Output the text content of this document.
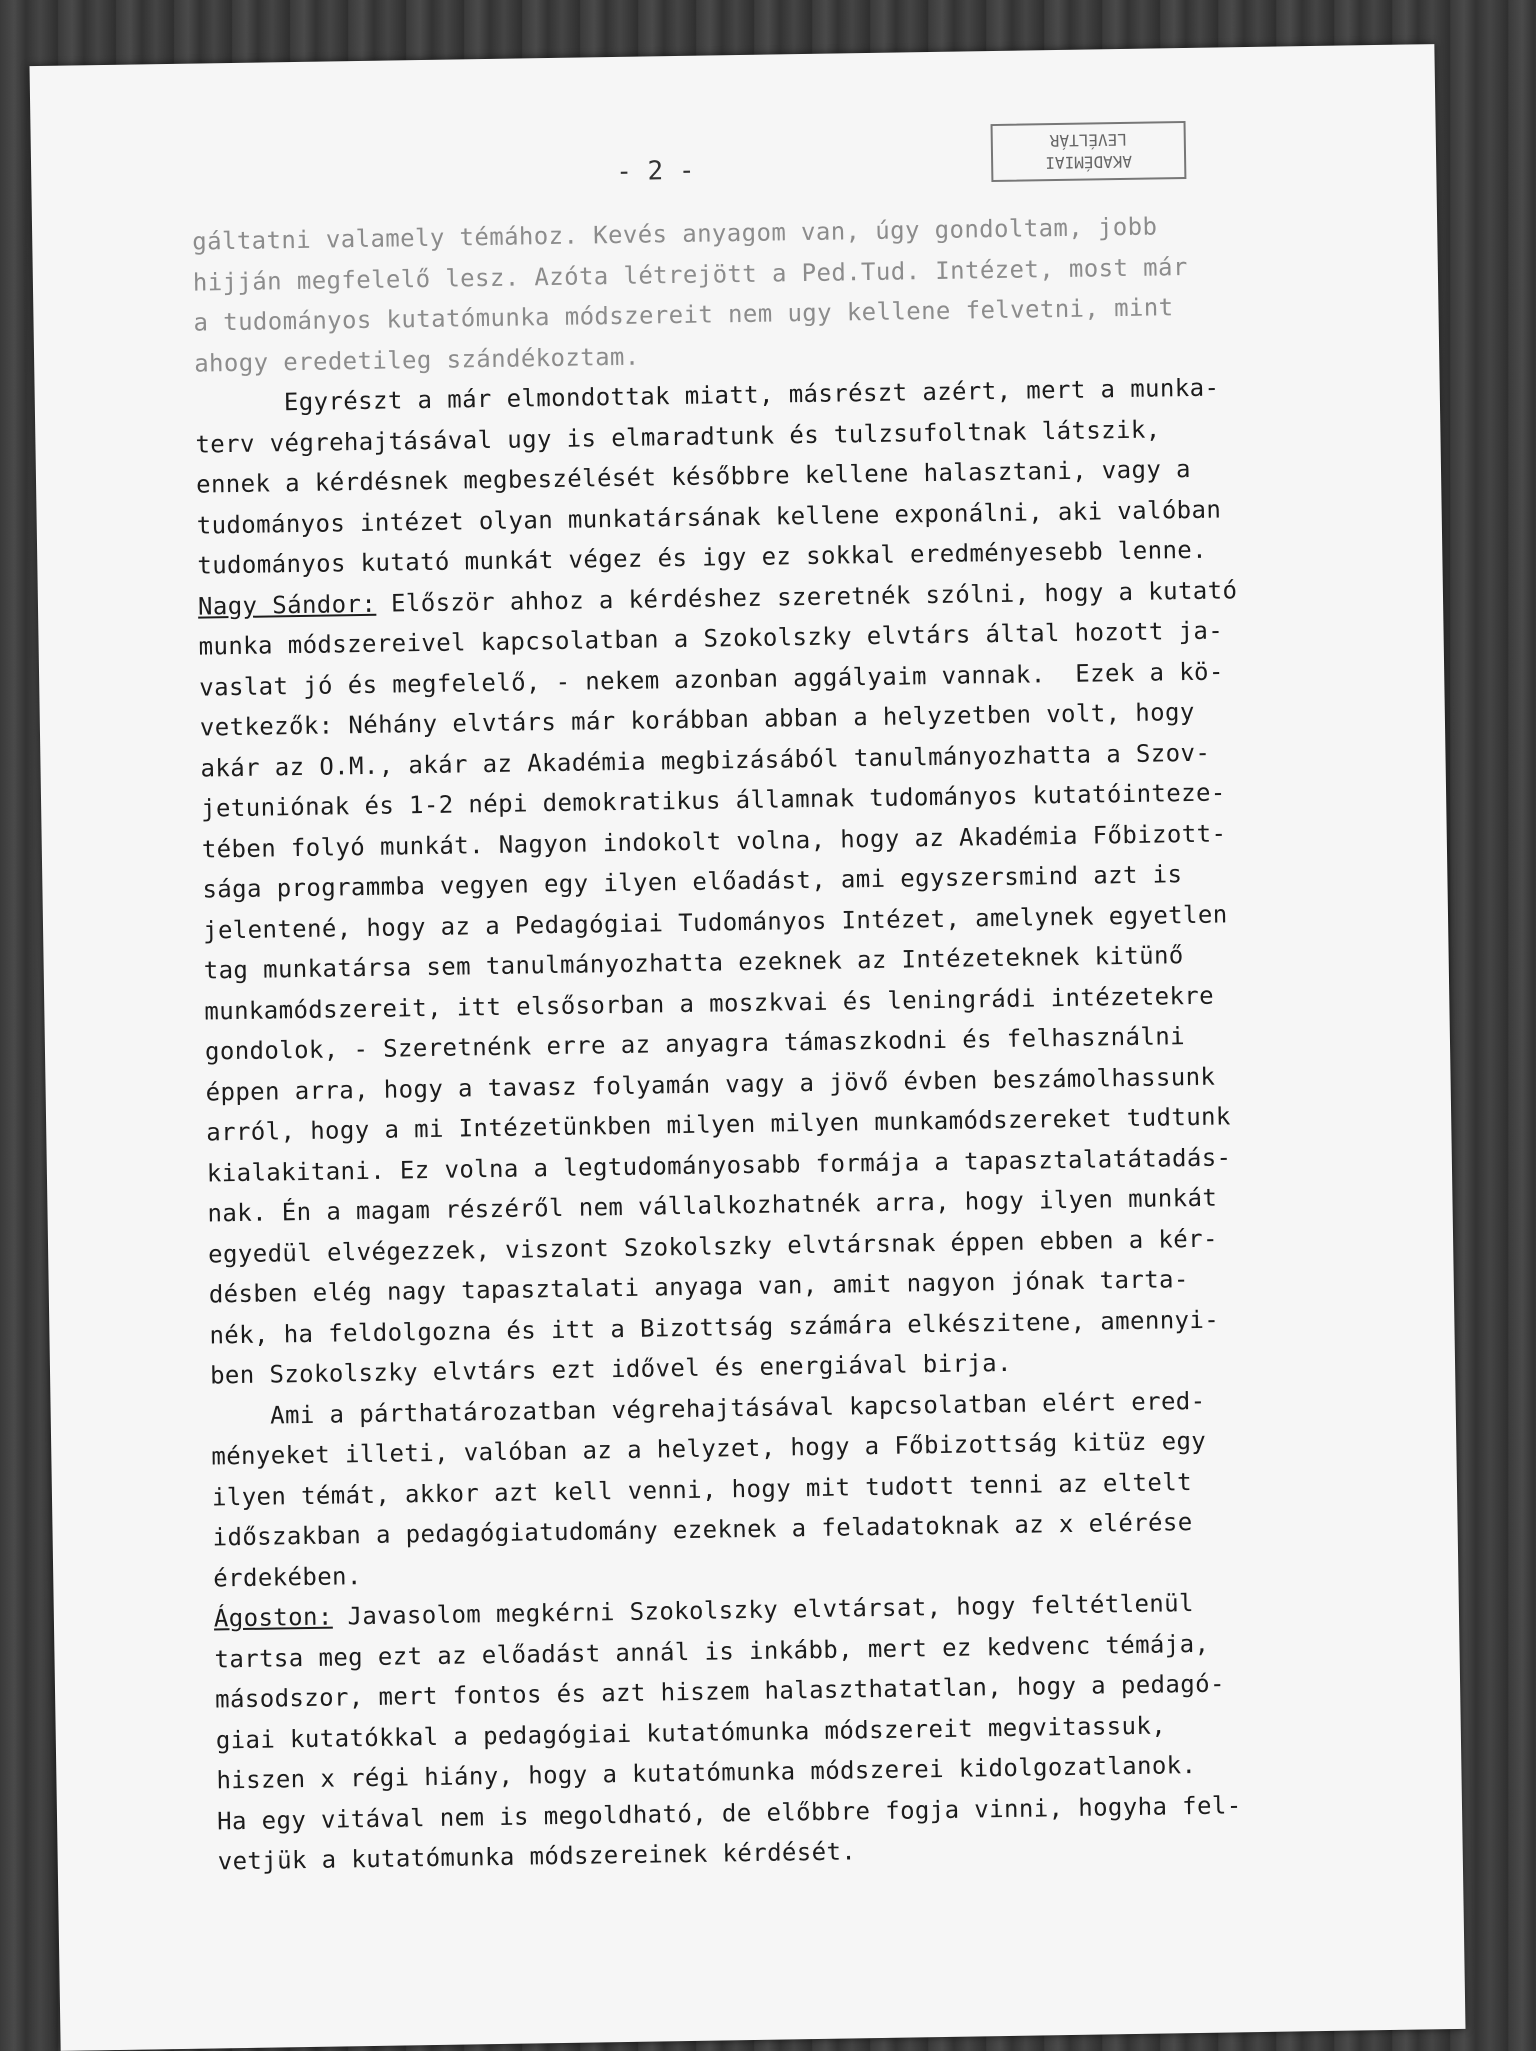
AKADÉMIAI
LEVÉLTÁR
- 2 -
gáltatni valamely témához. Kevés anyagom van, úgy gondoltam, jobb
hijján megfelelő lesz. Azóta létrejött a Ped.Tud. Intézet, most már
a tudományos kutatómunka módszereit nem ugy kellene felvetni, mint
ahogy eredetileg szándékoztam.
Egyrészt a már elmondottak miatt, másrészt azért, mert a munka-
terv végrehajtásával ugy is elmaradtunk és tulzsufoltnak látszik,
ennek a kérdésnek megbeszélését későbbre kellene halasztani, vagy a
tudományos intézet olyan munkatársának kellene exponálni, aki valóban
tudományos kutató munkát végez és igy ez sokkal eredményesebb lenne.
Nagy Sándor: Először ahhoz a kérdéshez szeretnék szólni, hogy a kutató
munka módszereivel kapcsolatban a Szokolszky elvtárs által hozott ja-
vaslat jó és megfelelő, - nekem azonban aggályaim vannak.  Ezek a kö-
vetkezők: Néhány elvtárs már korábban abban a helyzetben volt, hogy
akár az O.M., akár az Akadémia megbizásából tanulmányozhatta a Szov-
jetuniónak és 1-2 népi demokratikus államnak tudományos kutatóinteze-
tében folyó munkát. Nagyon indokolt volna, hogy az Akadémia Főbizott-
sága programmba vegyen egy ilyen előadást, ami egyszersmind azt is
jelentené, hogy az a Pedagógiai Tudományos Intézet, amelynek egyetlen
tag munkatársa sem tanulmányozhatta ezeknek az Intézeteknek kitünő
munkamódszereit, itt elsősorban a moszkvai és leningrádi intézetekre
gondolok, - Szeretnénk erre az anyagra támaszkodni és felhasználni
éppen arra, hogy a tavasz folyamán vagy a jövő évben beszámolhassunk
arról, hogy a mi Intézetünkben milyen milyen munkamódszereket tudtunk
kialakitani. Ez volna a legtudományosabb formája a tapasztalatátadás-
nak. Én a magam részéről nem vállalkozhatnék arra, hogy ilyen munkát
egyedül elvégezzek, viszont Szokolszky elvtársnak éppen ebben a kér-
désben elég nagy tapasztalati anyaga van, amit nagyon jónak tarta-
nék, ha feldolgozna és itt a Bizottság számára elkészitene, amennyi-
ben Szokolszky elvtárs ezt idővel és energiával birja.
Ami a párthatározatban végrehajtásával kapcsolatban elért ered-
ményeket illeti, valóban az a helyzet, hogy a Főbizottság kitüz egy
ilyen témát, akkor azt kell venni, hogy mit tudott tenni az eltelt
időszakban a pedagógiatudomány ezeknek a feladatoknak az x elérése
érdekében.
Ágoston: Javasolom megkérni Szokolszky elvtársat, hogy feltétlenül
tartsa meg ezt az előadást annál is inkább, mert ez kedvenc témája,
másodszor, mert fontos és azt hiszem halaszthatatlan, hogy a pedagó-
giai kutatókkal a pedagógiai kutatómunka módszereit megvitassuk,
hiszen x régi hiány, hogy a kutatómunka módszerei kidolgozatlanok.
Ha egy vitával nem is megoldható, de előbbre fogja vinni, hogyha fel-
vetjük a kutatómunka módszereinek kérdését.
